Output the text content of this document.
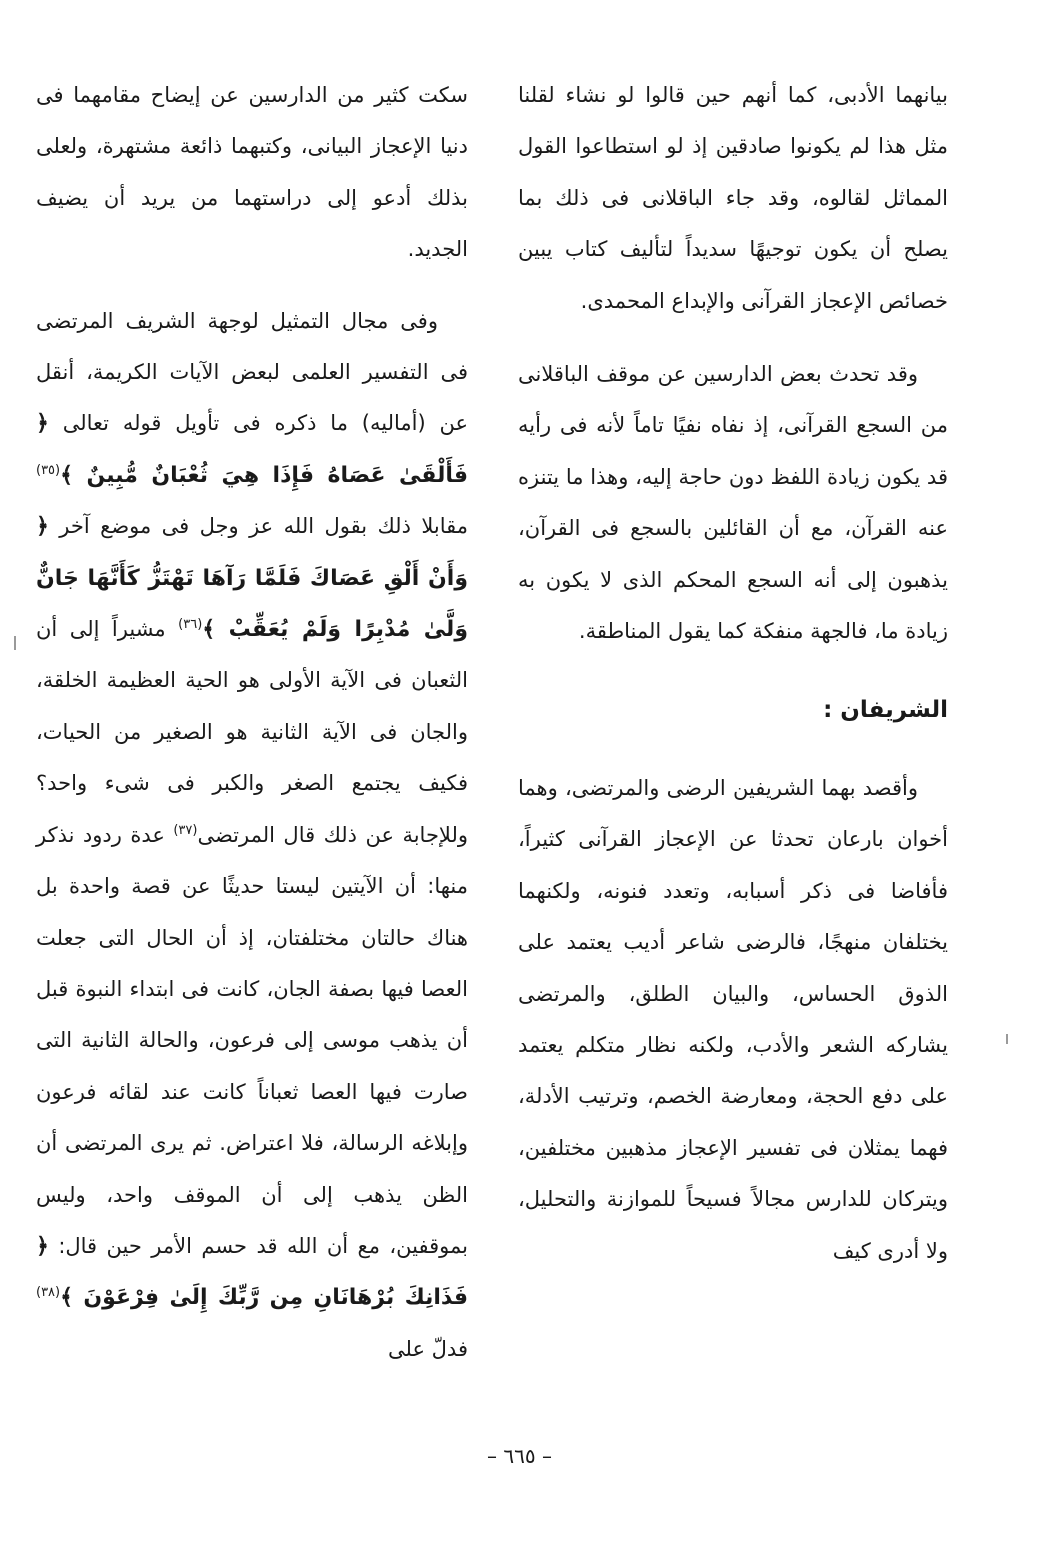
بيانهما الأدبى، كما أنهم حين قالوا لو نشاء لقلنا مثل هذا لم يكونوا صادقين إذ لو استطاعوا القول المماثل لقالوه، وقد جاء الباقلانى فى ذلك بما يصلح أن يكون توجيهًا سديداً لتأليف كتاب يبين خصائص الإعجاز القرآنى والإبداع المحمدى.

وقد تحدث بعض الدارسين عن موقف الباقلانى من السجع القرآنى، إذ نفاه نفيًا تاماً لأنه فى رأيه قد يكون زيادة اللفظ دون حاجة إليه، وهذا ما يتنزه عنه القرآن، مع أن القائلين بالسجع فى القرآن، يذهبون إلى أنه السجع المحكم الذى لا يكون به زيادة ما، فالجهة منفكة كما يقول المناطقة.

الشريفان :

وأقصد بهما الشريفين الرضى والمرتضى، وهما أخوان بارعان تحدثا عن الإعجاز القرآنى كثيراً، فأفاضا فى ذكر أسبابه، وتعدد فنونه، ولكنهما يختلفان منهجًا، فالرضى شاعر أديب يعتمد على الذوق الحساس، والبيان الطلق، والمرتضى يشاركه الشعر والأدب، ولكنه نظار متكلم يعتمد على دفع الحجة، ومعارضة الخصم، وترتيب الأدلة، فهما يمثلان فى تفسير الإعجاز مذهبين مختلفين، ويتركان للدارس مجالاً فسيحاً للموازنة والتحليل، ولا أدرى كيف

سكت كثير من الدارسين عن إيضاح مقامهما فى دنيا الإعجاز البيانى، وكتبهما ذائعة مشتهرة، ولعلى بذلك أدعو إلى دراستهما من يريد أن يضيف الجديد.

وفى مجال التمثيل لوجهة الشريف المرتضى فى التفسير العلمى لبعض الآيات الكريمة، أنقل عن (أماليه) ما ذكره فى تأويل قوله تعالى ﴿ فَأَلْقَىٰ عَصَاهُ فَإِذَا هِيَ ثُعْبَانٌ مُّبِينٌ ﴾$^{(٣٥)}$ مقابلا ذلك بقول الله عز وجل فى موضع آخر ﴿ وَأَنْ أَلْقِ عَصَاكَ فَلَمَّا رَآهَا تَهْتَزُّ كَأَنَّهَا جَانٌّ وَلَّىٰ مُدْبِرًا وَلَمْ يُعَقِّبْ ﴾$^{(٣٦)}$ مشيراً إلى أن الثعبان فى الآية الأولى هو الحية العظيمة الخلقة، والجان فى الآية الثانية هو الصغير من الحيات، فكيف يجتمع الصغر والكبر فى شىء واحد؟ وللإجابة عن ذلك قال المرتضى$^{(٣٧)}$ عدة ردود نذكر منها: أن الآيتين ليستا حديثًا عن قصة واحدة بل هناك حالتان مختلفتان، إذ أن الحال التى جعلت العصا فيها بصفة الجان، كانت فى ابتداء النبوة قبل أن يذهب موسى إلى فرعون، والحالة الثانية التى صارت فيها العصا ثعباناً كانت عند لقائه فرعون وإبلاغه الرسالة، فلا اعتراض. ثم يرى المرتضى أن الظن يذهب إلى أن الموقف واحد، وليس بموقفين، مع أن الله قد حسم الأمر حين قال: ﴿ فَذَانِكَ بُرْهَانَانِ مِن رَّبِّكَ إِلَىٰ فِرْعَوْنَ ﴾$^{(٣٨)}$ فدلّ على

– ٦٦٥ –
